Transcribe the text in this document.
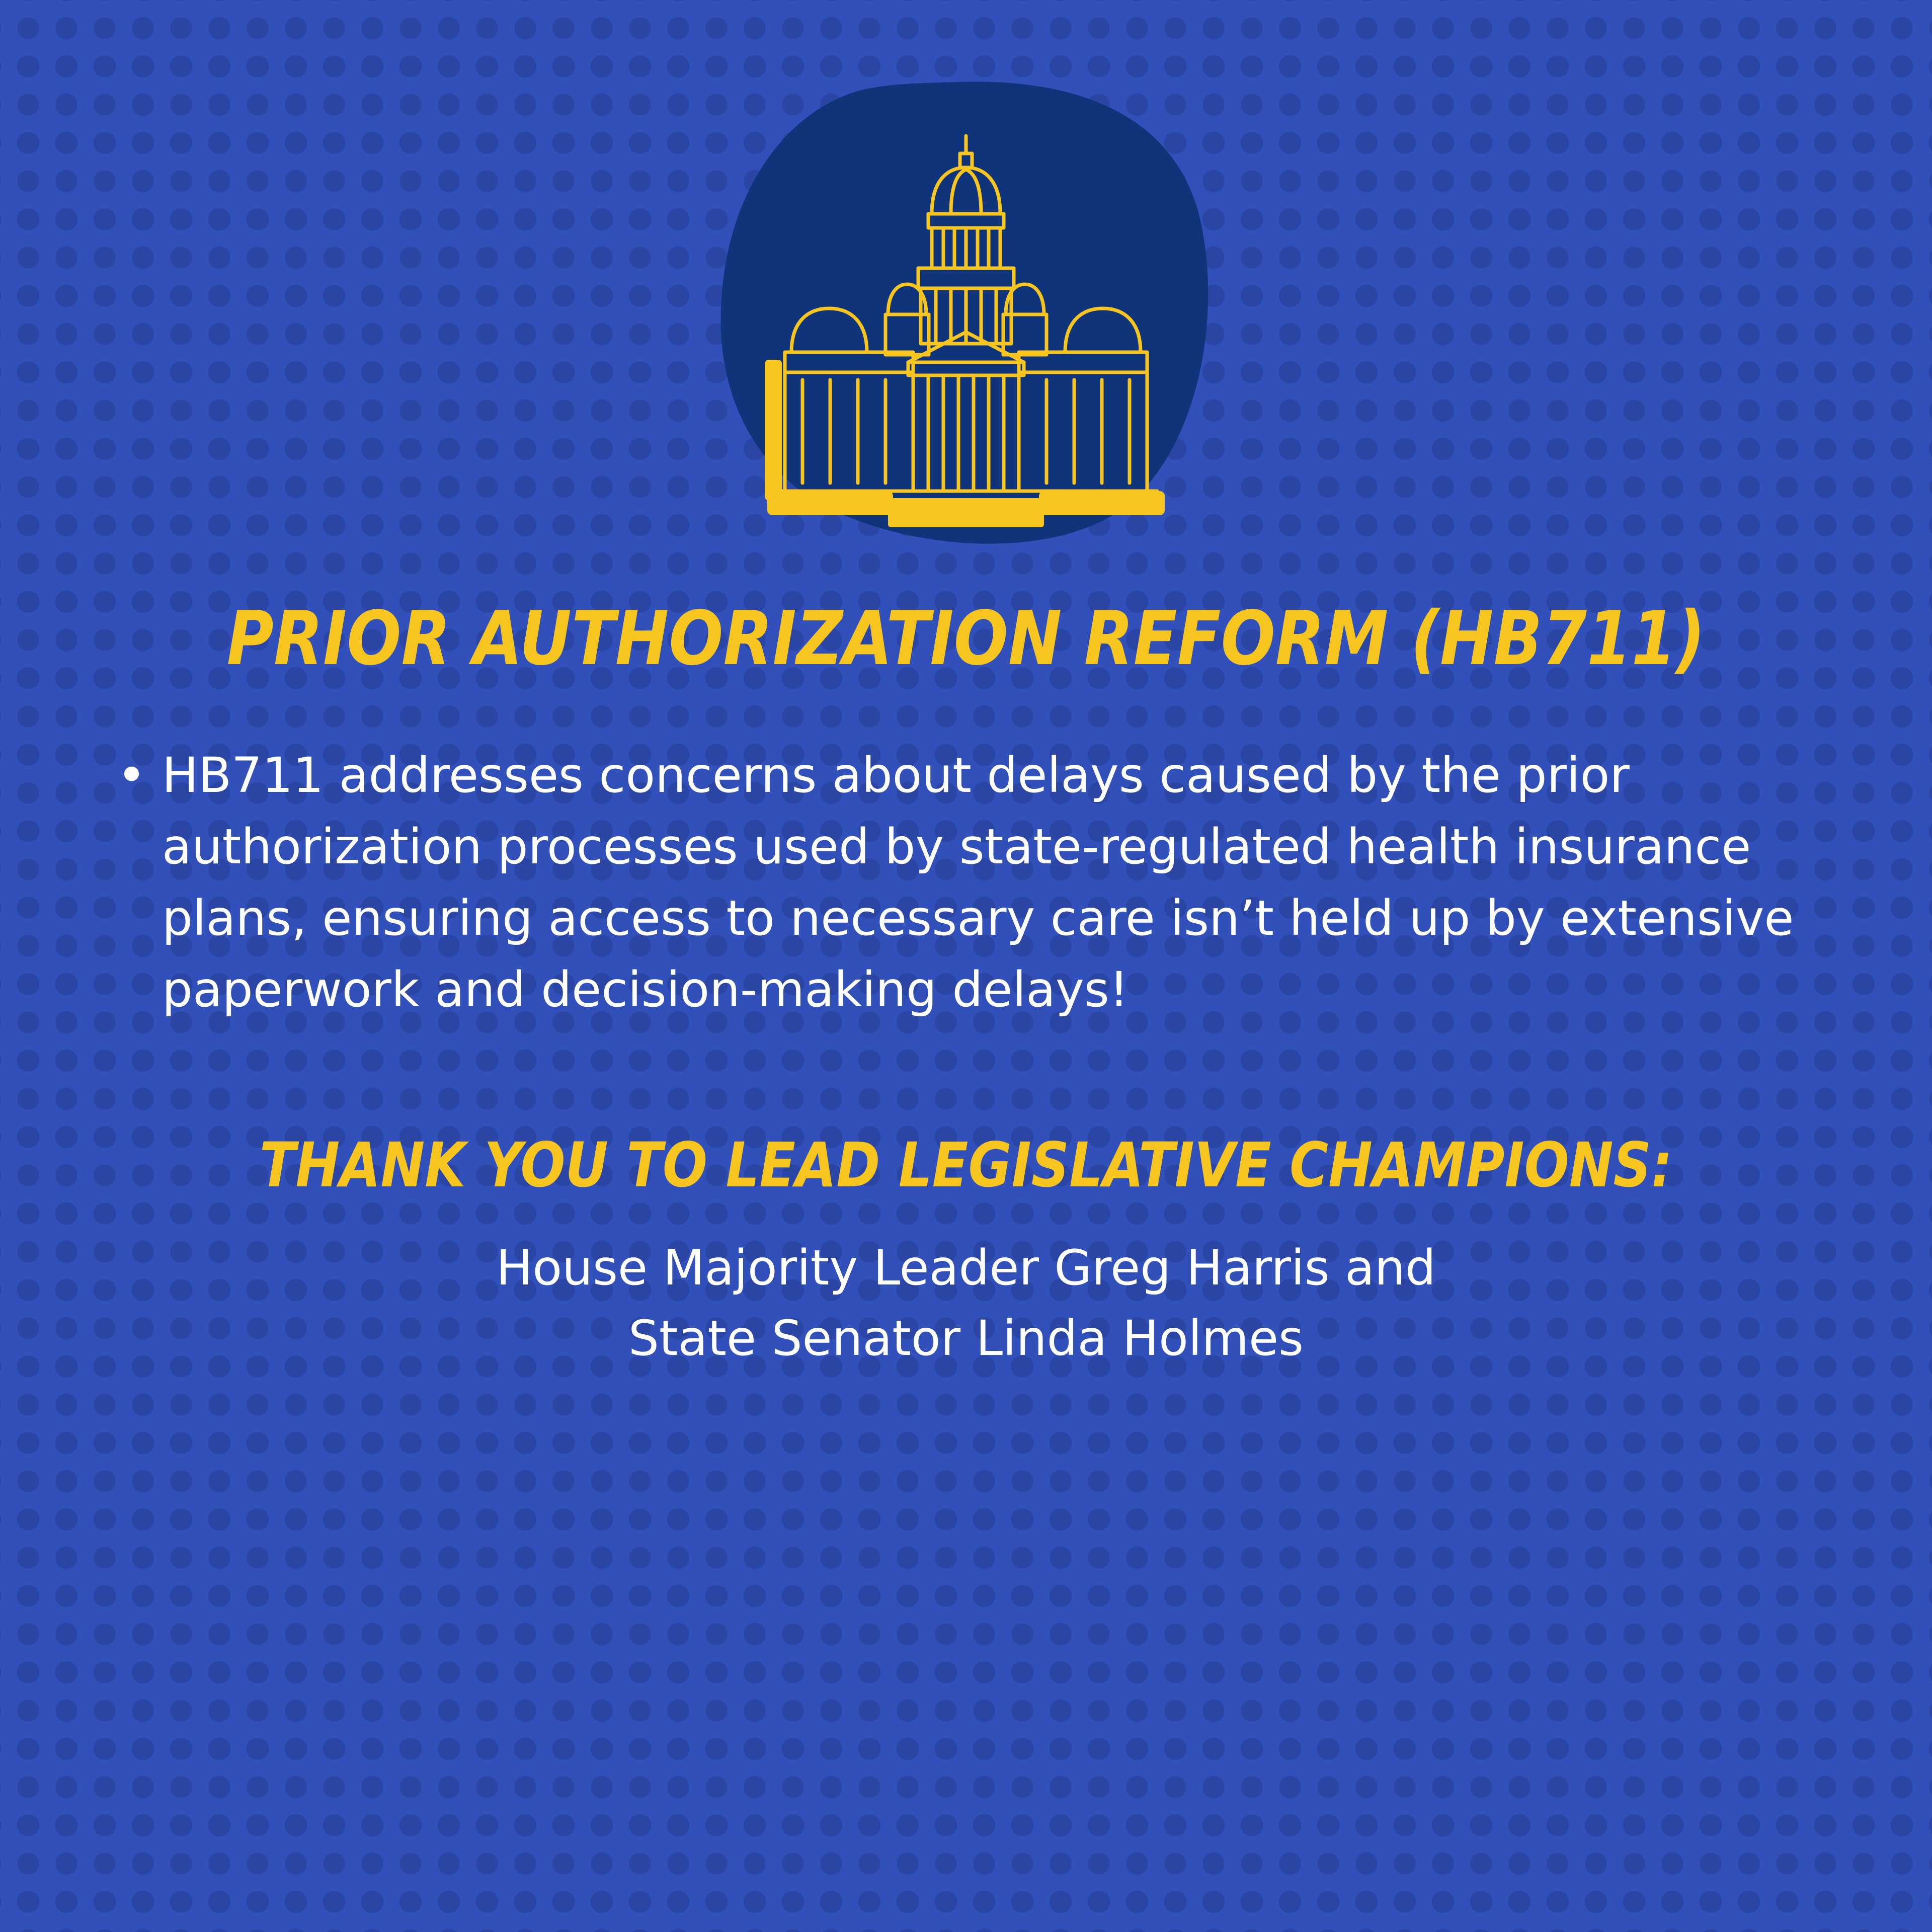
PRIOR AUTHORIZATION REFORM (HB711)
• HB711 addresses concerns about delays caused by the prior authorization processes used by state-regulated health insurance plans, ensuring access to necessary care isn’t held up by extensive paperwork and decision-making delays!

THANK YOU TO LEAD LEGISLATIVE CHAMPIONS:
House Majority Leader Greg Harris and
State Senator Linda Holmes
